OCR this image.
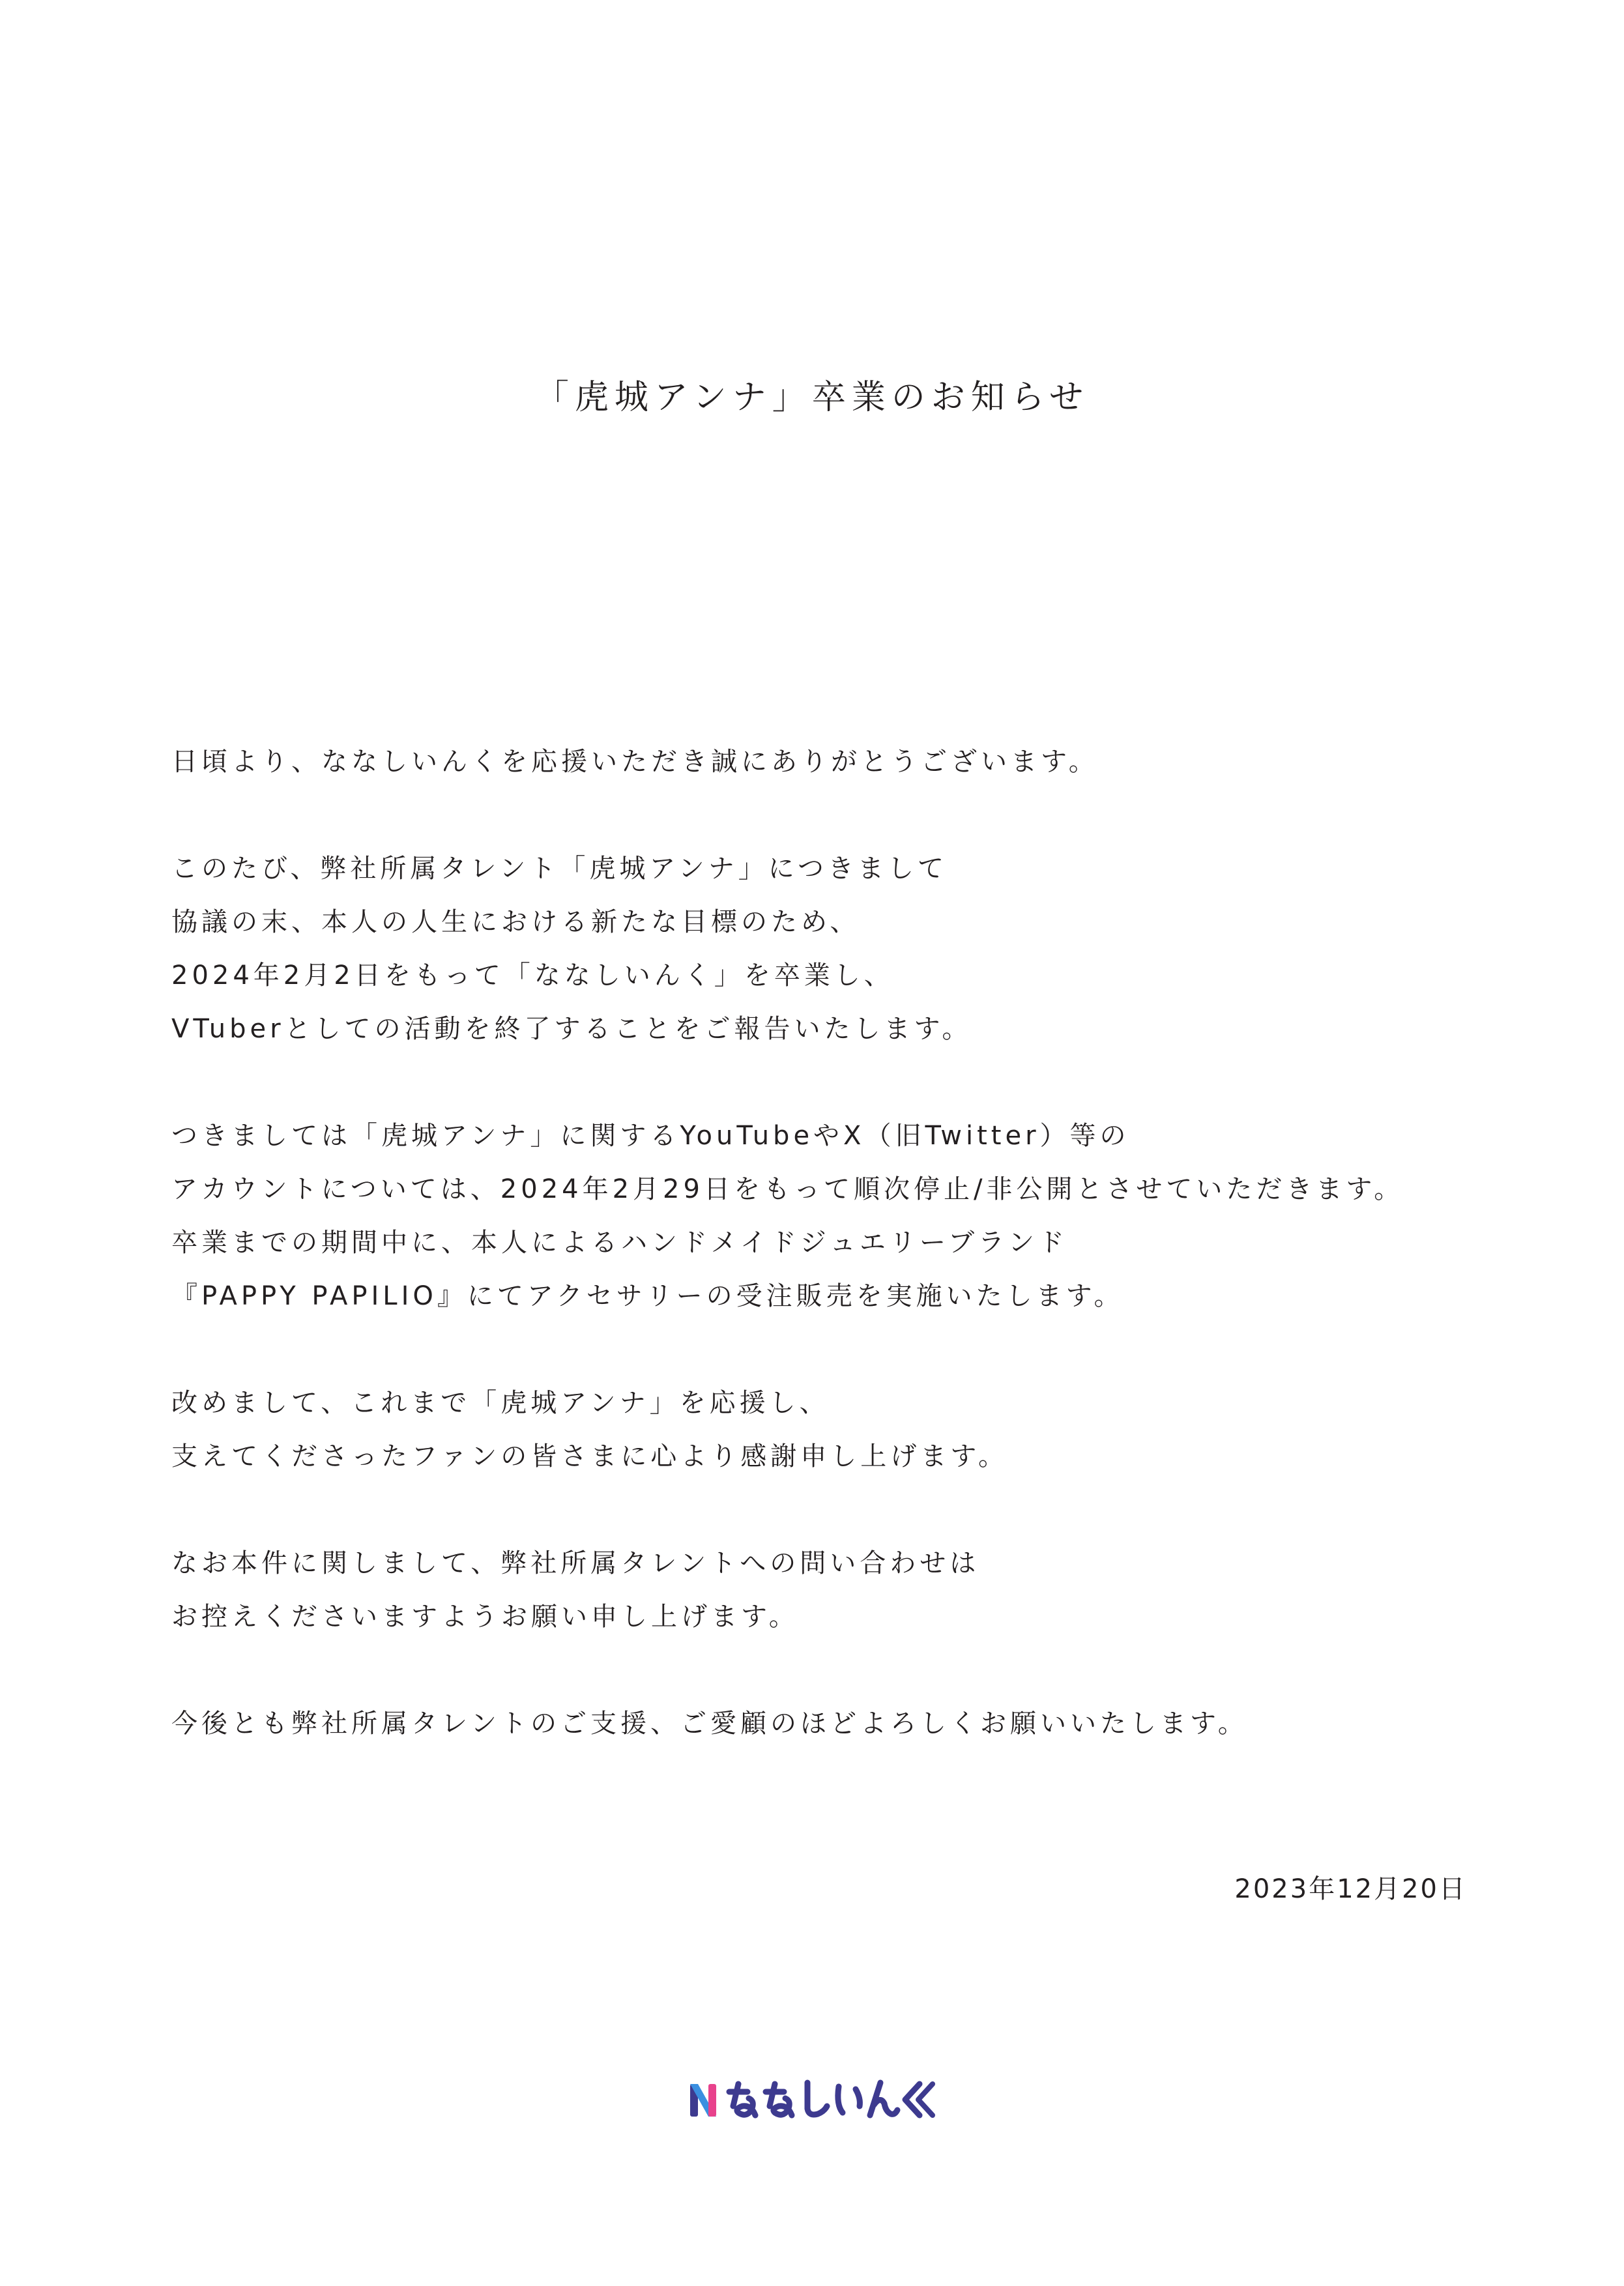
「虎城アンナ」卒業のお知らせ
日頃より、ななしいんくを応援いただき誠にありがとうございます。
このたび、弊社所属タレント「虎城アンナ」につきまして
協議の末、本人の人生における新たな目標のため、
2024年2月2日をもって「ななしいんく」を卒業し、
VTuberとしての活動を終了することをご報告いたします。
つきましては「虎城アンナ」に関するYouTubeやX（旧Twitter）等の
アカウントについては、2024年2月29日をもって順次停止/非公開とさせていただきます。
卒業までの期間中に、本人によるハンドメイドジュエリーブランド
『PAPPY PAPILIO』にてアクセサリーの受注販売を実施いたします。
改めまして、これまで「虎城アンナ」を応援し、
支えてくださったファンの皆さまに心より感謝申し上げます。
なお本件に関しまして、弊社所属タレントへの問い合わせは
お控えくださいますようお願い申し上げます。
今後とも弊社所属タレントのご支援、ご愛顧のほどよろしくお願いいたします。
2023年12月20日
